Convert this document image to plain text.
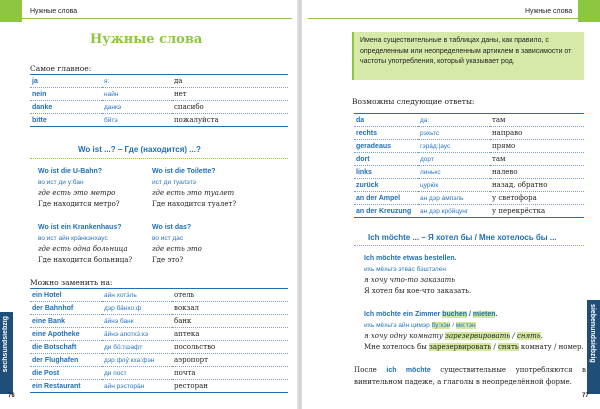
Нужные слова
Нужные слова
Самое главное:
ja	я:	да
nein	найн	нет
danke	данкэ	спасибо
bitte	бйтэ	пожалуйста
Wo ist ...? – Где (находится) ...?
Wo ist die U-Bahn?
во ист ди у:бан
где есть это метро
Где находится метро?
Wo ist die Toilette?
ист ди туалэтэ
где есть это туалет
Где находится туалет?
Wo ist ein Krankenhaus?
во ист айн крáнкэнхаус
где есть одна больница
Где находится больница?
Wo ist das?
во ист дас
где есть это
Где это?
Можно заменить на:
ein Hotel	айн хотэ́ль	отель
der Bahnhof	дэр ба́нхо:ф	вокзал
eine Bank	а́йнэ банк	банк
eine Apotheke	а́йнэ апотхэ́:кэ	аптека
die Botschaft	ди бо́:тшафт	посольство
der Flughafen	дэр флу́:кха:фэн	аэропорт
die Post	ди пост	почта
ein Restaurant	айн рэсторáн	ресторан
sechsundsiebzig
76
Нужные слова
Имена существительные в таблицах даны, как правило, с определенным или неопределенным артиклем в зависимости от частоты употребления, который указывает род.
Возможны следующие ответы:
da	да:	там
rechts	рэхьтс	направо
geradeaus	гэрáд:|аус	прямо
dort	дорт	там
links	линькс	налево
zurück	цурю́к	назад, обратно
an der Ampel	ан дэр áмпэль	у светофора
an der Kreuzung	ан дэр кро́йцунг	у перекрёстка
Ich möchte ... – Я хотел бы / Мне хотелось бы ...
Ich möchte etwas bestellen.
ихь мёхьтэ этвас бэштэлен
я хочу что-то заказать
Я хотел бы кое-что заказать.
Ich möchte ein Zimmer buchen / mieten.
ихь мёхьтэ айн цимэр бу:хэн / ми:тэн
я хочу одну комнату зарезервировать / снять.
Мне хотелось бы зарезервировать / снять комнату / номер.
После ich möchte существительные употребляются в винительном падеже, а глаголы в неопределённой форме.
siebenundsiebzig
77
